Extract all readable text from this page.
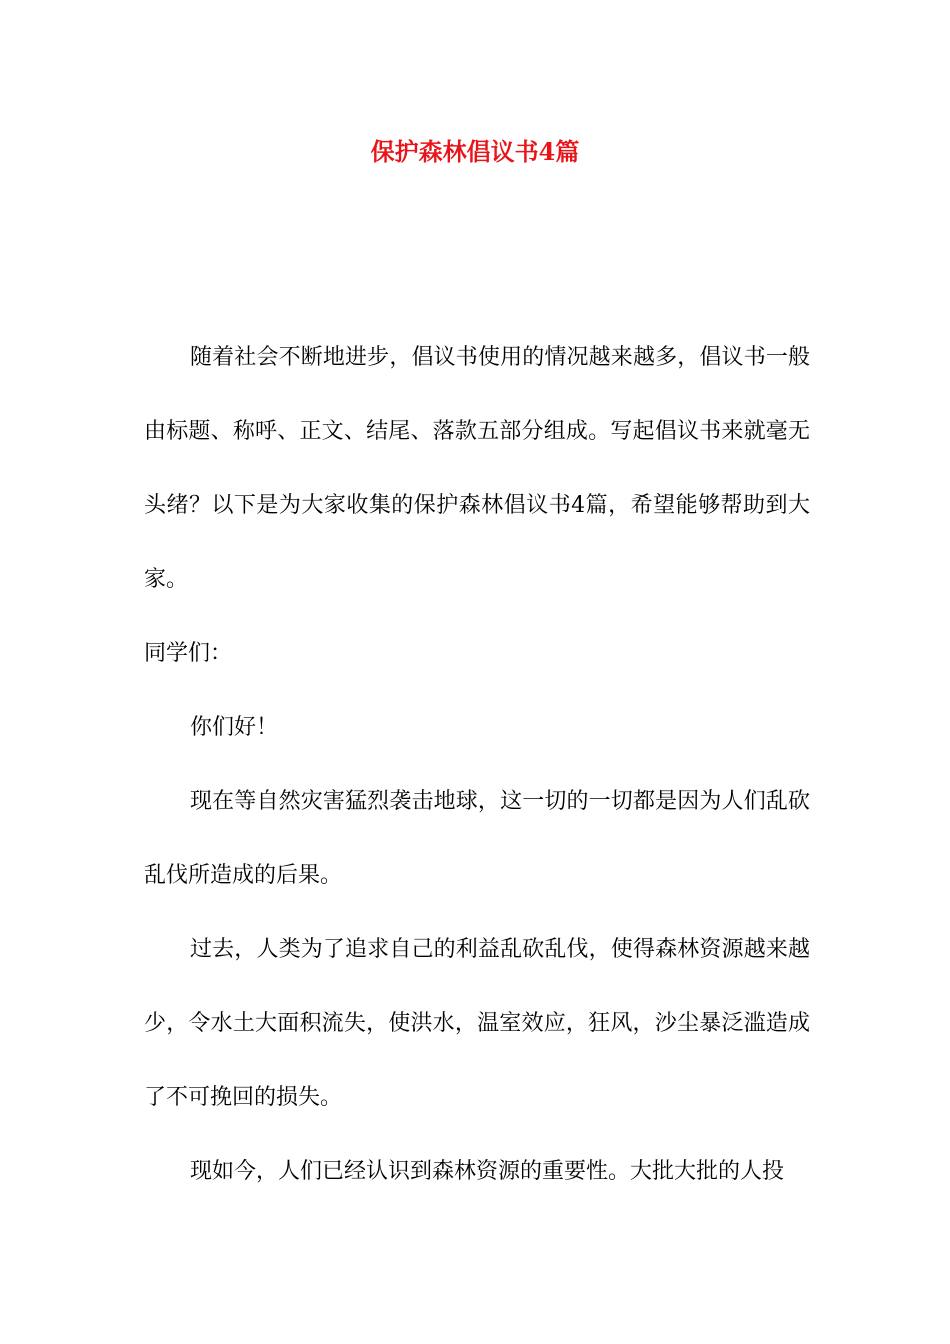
保护森林倡议书4篇

随着社会不断地进步，倡议书使用的情况越来越多，倡议书一般由标题、称呼、正文、结尾、落款五部分组成。写起倡议书来就毫无头绪？以下是为大家收集的保护森林倡议书4篇，希望能够帮助到大家。

同学们：

你们好！

现在等自然灾害猛烈袭击地球，这一切的一切都是因为人们乱砍乱伐所造成的后果。

过去，人类为了追求自己的利益乱砍乱伐，使得森林资源越来越少，令水土大面积流失，使洪水，温室效应，狂风，沙尘暴泛滥造成了不可挽回的损失。

现如今，人们已经认识到森林资源的重要性。大批大批的人投
